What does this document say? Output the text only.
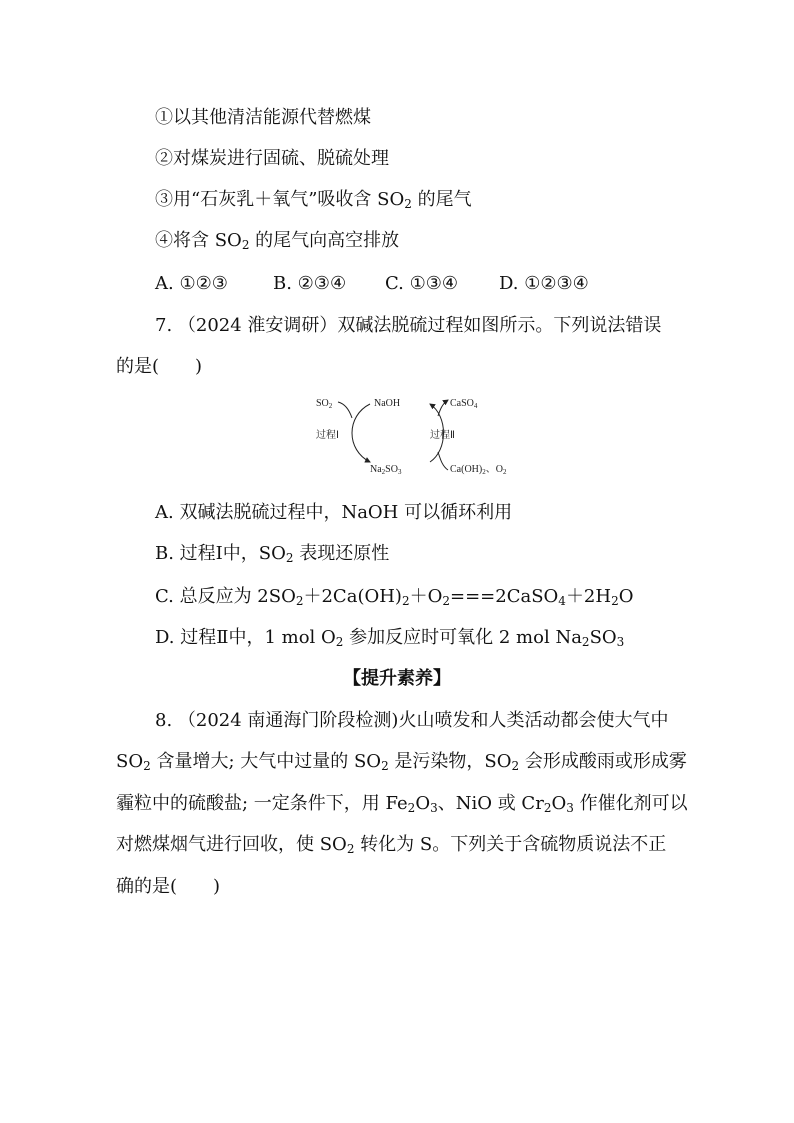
①以其他清洁能源代替燃煤
②对煤炭进行固硫、脱硫处理
③用“石灰乳＋氧气”吸收含 $SO_2$ 的尾气
④将含 $SO_2$ 的尾气向高空排放
A. ①②③	B. ②③④ C. ①③④ D. ①②③④
7. （2024 淮安调研）双碱法脱硫过程如图所示。下列说法错误
的是(　　)
$SO_2$	NaOH	CaSO$_4$
过程Ⅰ	过程Ⅱ
$Na_2SO_3$	$Ca(OH)_2$、$O_2$
A. 双碱法脱硫过程中，NaOH 可以循环利用
B. 过程Ⅰ中，$SO_2$ 表现还原性
C. 总反应为 $2SO_2+2Ca(OH)_2+O_2===2CaSO_4+2H_2O$
D. 过程Ⅱ中，1 mol $O_2$ 参加反应时可氧化 2 mol $Na_2SO_3$
【提升素养】
8. （2024 南通海门阶段检测)火山喷发和人类活动都会使大气中
$SO_2$ 含量增大; 大气中过量的 $SO_2$ 是污染物，$SO_2$ 会形成酸雨或形成雾
霾粒中的硫酸盐; 一定条件下，用 $Fe_2O_3$、NiO 或 $Cr_2O_3$ 作催化剂可以
对燃煤烟气进行回收，使 $SO_2$ 转化为 S。下列关于含硫物质说法不正
确的是(　　)
